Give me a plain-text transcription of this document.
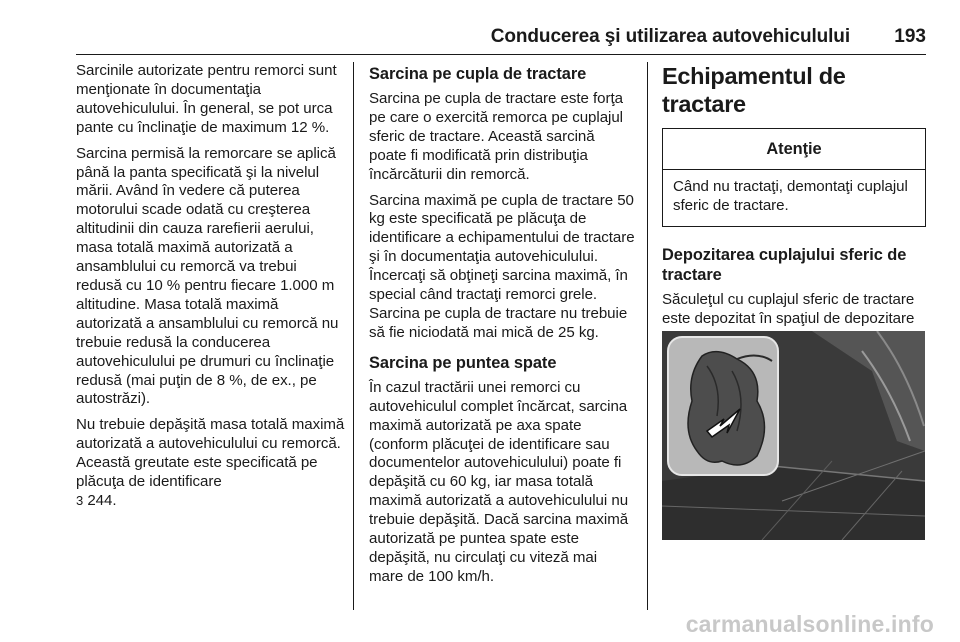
Conducerea şi utilizarea autovehiculului 193

Sarcinile autorizate pentru remorci sunt menţionate în documentaţia autovehiculului. În general, se pot urca pante cu înclinaţie de maximum 12 %.

Sarcina permisă la remorcare se aplică până la panta specificată şi la nivelul mării. Având în vedere că puterea motorului scade odată cu creşterea altitudinii din cauza rarefierii aerului, masa totală maximă autorizată a ansamblului cu remorcă va trebui redusă cu 10 % pentru fiecare 1.000 m altitudine. Masa totală maximă autorizată a ansamblului cu remorcă nu trebuie redusă la conducerea autovehiculului pe drumuri cu înclinaţie redusă (mai puţin de 8 %, de ex., pe autostrăzi).

Nu trebuie depăşită masa totală maximă autorizată a autovehiculului cu remorcă. Această greutate este specificată pe plăcuţa de identificare
3 244.

Sarcina pe cupla de tractare

Sarcina pe cupla de tractare este forţa pe care o exercită remorca pe cuplajul sferic de tractare. Această sarcină poate fi modificată prin distribuţia încărcăturii din remorcă.

Sarcina maximă pe cupla de tractare 50 kg este specificată pe plăcuţa de identificare a echipamentului de tractare şi în documentaţia autovehiculului. Încercaţi să obţineţi sarcina maximă, în special când tractaţi remorci grele. Sarcina pe cupla de tractare nu trebuie să fie niciodată mai mică de 25 kg.

Sarcina pe puntea spate

În cazul tractării unei remorci cu autovehiculul complet încărcat, sarcina maximă autorizată pe axa spate (conform plăcuţei de identificare sau documentelor autovehiculului) poate fi depăşită cu 60 kg, iar masa totală maximă autorizată a autovehiculului nu trebuie depăşită. Dacă sarcina maximă autorizată pe puntea spate este depăşită, nu circulaţi cu viteză mai mare de 100 km/h.

Echipamentul de tractare
Atenţie
Când nu tractaţi, demontaţi cuplajul sferic de tractare.
Depozitarea cuplajului sferic de tractare

Săculeţul cu cuplajul sferic de tractare este depozitat în spaţiul de depozitare

carmanualsonline.info
